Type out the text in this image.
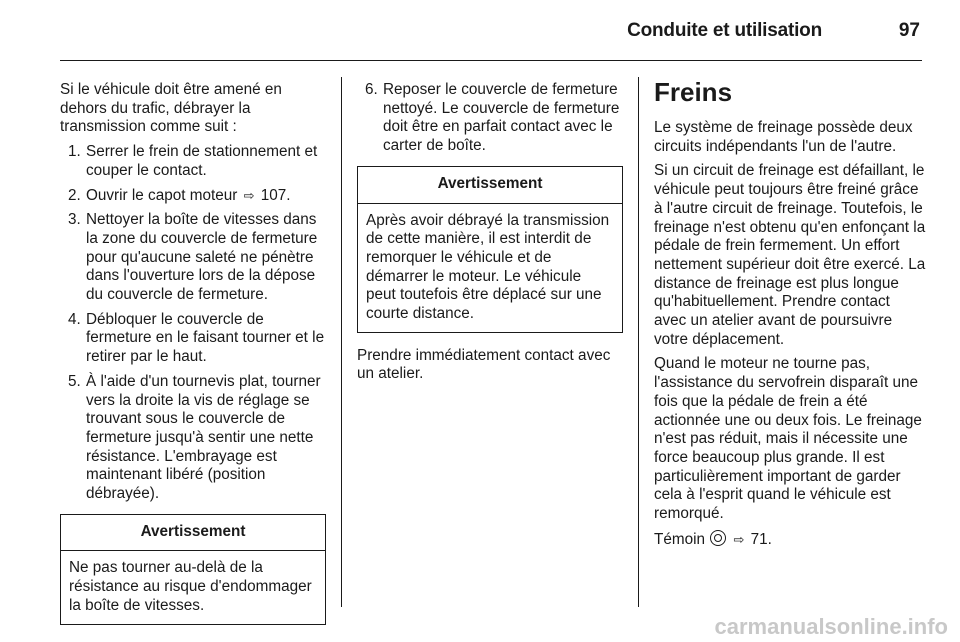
Conduite et utilisation	97

Si le véhicule doit être amené en dehors du trafic, débrayer la transmission comme suit :

1. Serrer le frein de stationnement et couper le contact.
2. Ouvrir le capot moteur ⇨ 107.
3. Nettoyer la boîte de vitesses dans la zone du couvercle de fermeture pour qu'aucune saleté ne pénètre dans l'ouverture lors de la dépose du couvercle de fermeture.
4. Débloquer le couvercle de fermeture en le faisant tourner et le retirer par le haut.
5. À l'aide d'un tournevis plat, tourner vers la droite la vis de réglage se trouvant sous le couvercle de fermeture jusqu'à sentir une nette résistance. L'embrayage est maintenant libéré (position débrayée).
Avertissement
Ne pas tourner au-delà de la résistance au risque d'endommager la boîte de vitesses.
6. Reposer le couvercle de fermeture nettoyé. Le couvercle de fermeture doit être en parfait contact avec le carter de boîte.
Avertissement
Après avoir débrayé la transmission de cette manière, il est interdit de remorquer le véhicule et de démarrer le moteur. Le véhicule peut toutefois être déplacé sur une courte distance.

Prendre immédiatement contact avec un atelier.

Freins

Le système de freinage possède deux circuits indépendants l'un de l'autre.

Si un circuit de freinage est défaillant, le véhicule peut toujours être freiné grâce à l'autre circuit de freinage. Toutefois, le freinage n'est obtenu qu'en enfonçant la pédale de frein fermement. Un effort nettement supérieur doit être exercé. La distance de freinage est plus longue qu'habituellement. Prendre contact avec un atelier avant de poursuivre votre déplacement.

Quand le moteur ne tourne pas, l'assistance du servofrein disparaît une fois que la pédale de frein a été actionnée une ou deux fois. Le freinage n'est pas réduit, mais il nécessite une force beaucoup plus grande. Il est particulièrement important de garder cela à l'esprit quand le véhicule est remorqué.

Témoin ⇨ 71.

carmanualsonline.info
